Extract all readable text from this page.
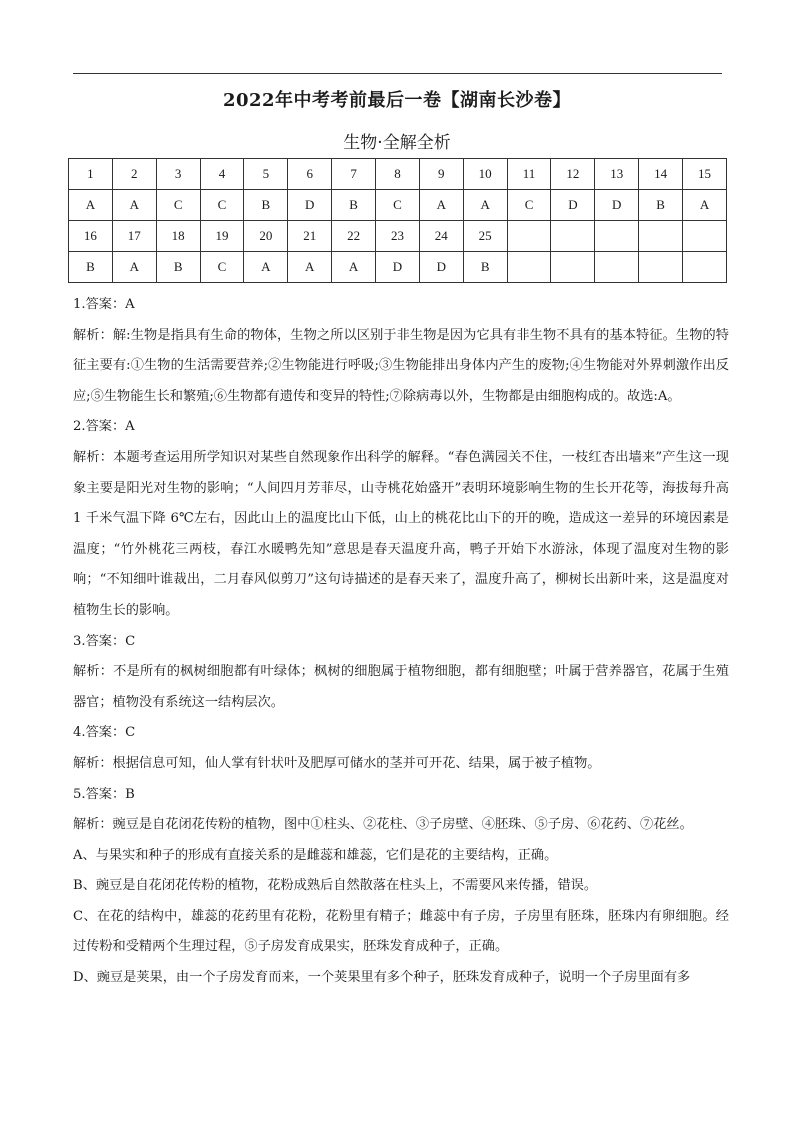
2022年中考考前最后一卷【湖南长沙卷】
生物·全解全析
1	2	3	4	5	6	7	8	9	10	11	12	13	14	15
A	A	C	C	B	D	B	C	A	A	C	D	D	B	A
16	17	18	19	20	21	22	23	24	25					
B	A	B	C	A	A	A	D	D	B					

1.答案：A

解析：解:生物是指具有生命的物体，生物之所以区别于非生物是因为它具有非生物不具有的基本特征。生物的特征主要有:①生物的生活需要营养;②生物能进行呼吸;③生物能排出身体内产生的废物;④生物能对外界刺激作出反应;⑤生物能生长和繁殖;⑥生物都有遗传和变异的特性;⑦除病毒以外，生物都是由细胞构成的。故选:A。

2.答案：A

解析：本题考查运用所学知识对某些自然现象作出科学的解释。“春色满园关不住，一枝红杏出墙来”产生这一现象主要是阳光对生物的影响；“人间四月芳菲尽，山寺桃花始盛开”表明环境影响生物的生长开花等，海拔每升高 1 千米气温下降 6℃左右，因此山上的温度比山下低，山上的桃花比山下的开的晚，造成这一差异的环境因素是温度；“竹外桃花三两枝，春江水暖鸭先知”意思是春天温度升高，鸭子开始下水游泳，体现了温度对生物的影响；“不知细叶谁裁出，二月春风似剪刀”这句诗描述的是春天来了，温度升高了，柳树长出新叶来，这是温度对植物生长的影响。

3.答案：C

解析：不是所有的枫树细胞都有叶绿体；枫树的细胞属于植物细胞，都有细胞壁；叶属于营养器官，花属于生殖器官；植物没有系统这一结构层次。

4.答案：C

解析：根据信息可知，仙人掌有针状叶及肥厚可储水的茎并可开花、结果，属于被子植物。

5.答案：B

解析：豌豆是自花闭花传粉的植物，图中①柱头、②花柱、③子房壁、④胚珠、⑤子房、⑥花药、⑦花丝。

A、与果实和种子的形成有直接关系的是雌蕊和雄蕊，它们是花的主要结构，正确。

B、豌豆是自花闭花传粉的植物，花粉成熟后自然散落在柱头上，不需要风来传播，错误。

C、在花的结构中，雄蕊的花药里有花粉，花粉里有精子；雌蕊中有子房，子房里有胚珠，胚珠内有卵细胞。经过传粉和受精两个生理过程，⑤子房发育成果实，胚珠发育成种子，正确。

D、豌豆是荚果，由一个子房发育而来，一个荚果里有多个种子，胚珠发育成种子，说明一个子房里面有多
